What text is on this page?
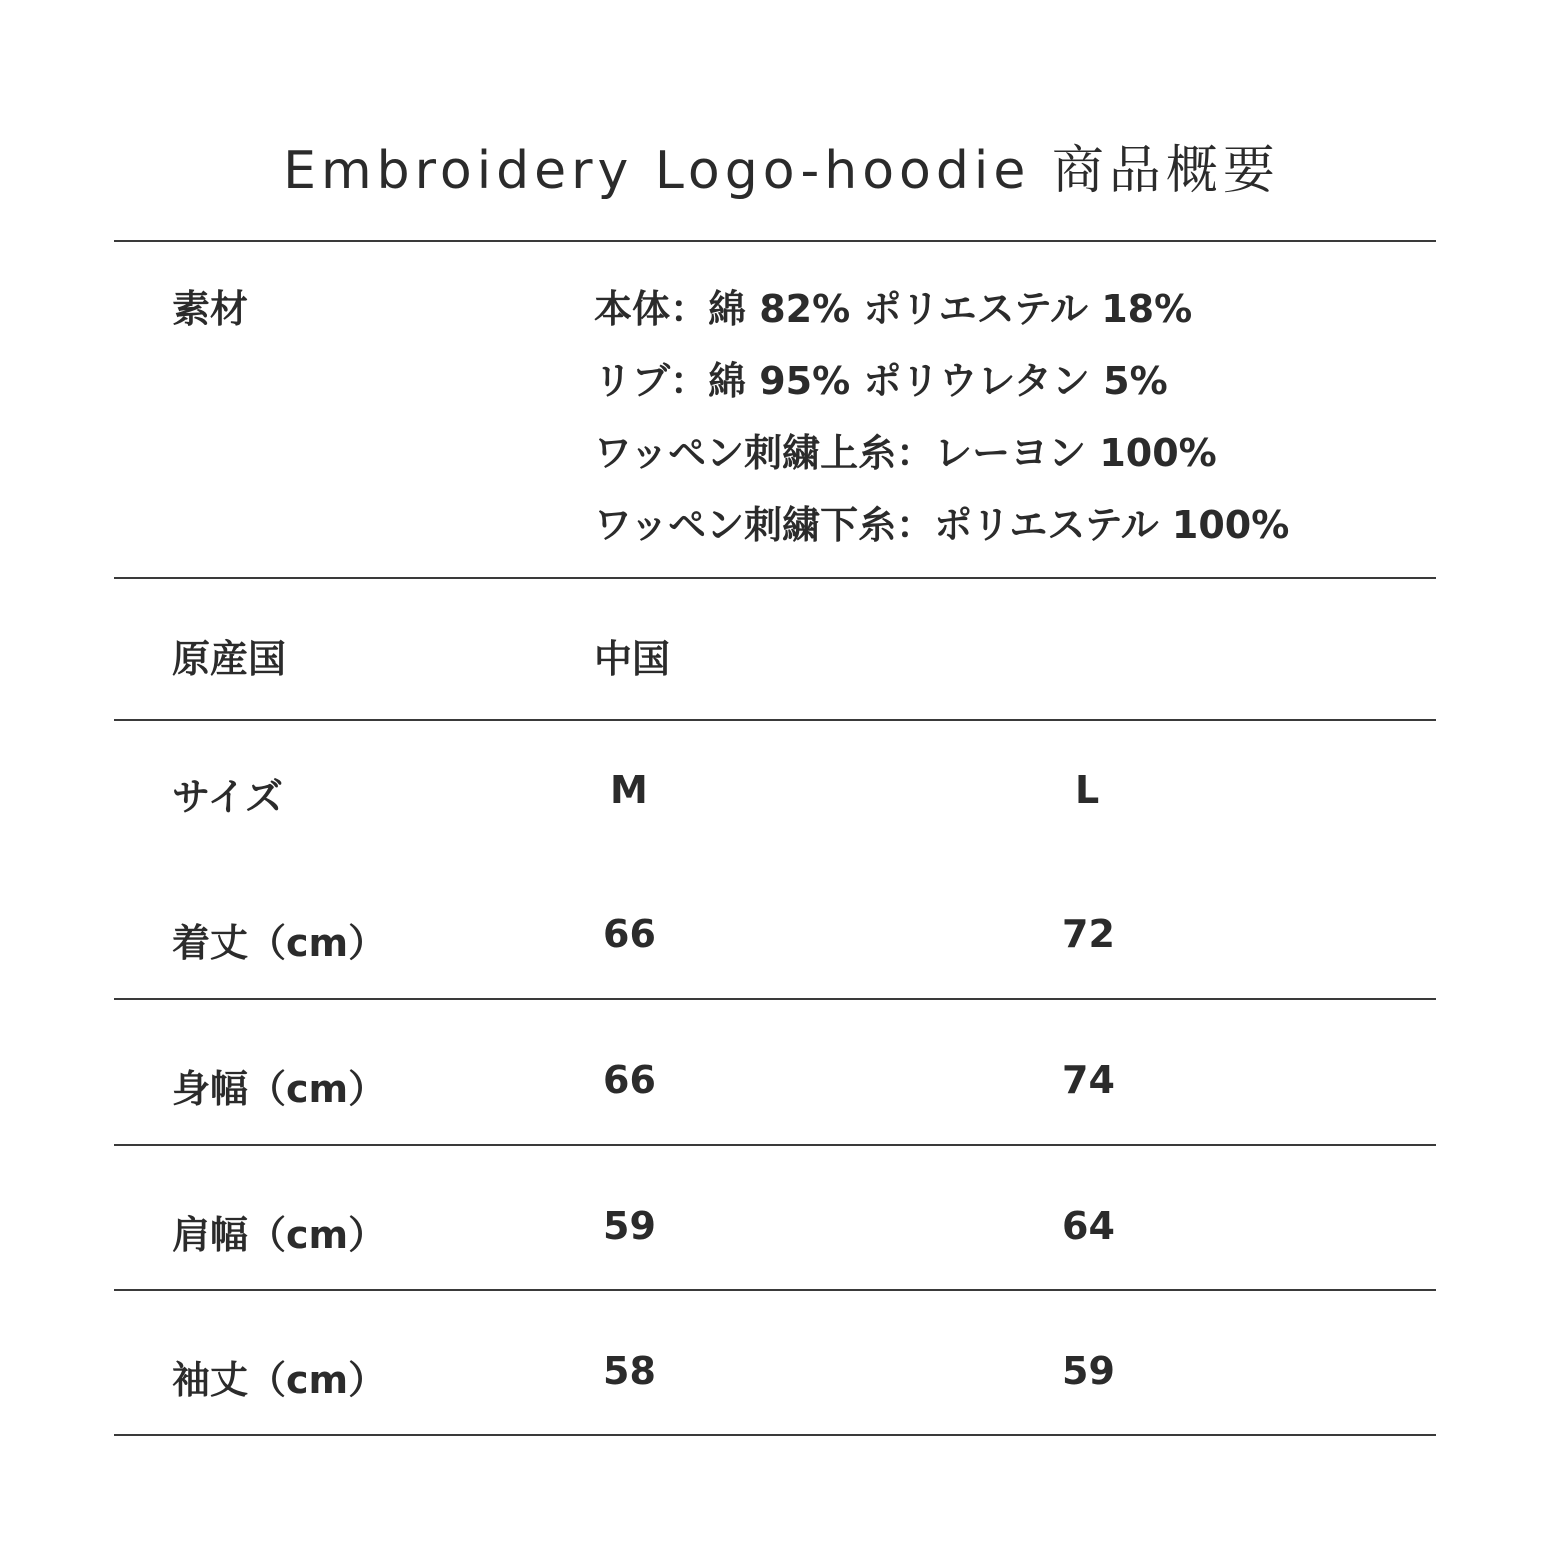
Embroidery Logo-hoodie 商品概要
素材	本体：綿 82% ポリエステル 18%
リブ：綿 95% ポリウレタン 5%
ワッペン刺繍上糸：レーヨン 100%
ワッペン刺繍下糸：ポリエステル 100%
原産国	中国
サイズ	M	L
着丈（cm）	66	72
身幅（cm）	66	74
肩幅（cm）	59	64
袖丈（cm）	58	59
